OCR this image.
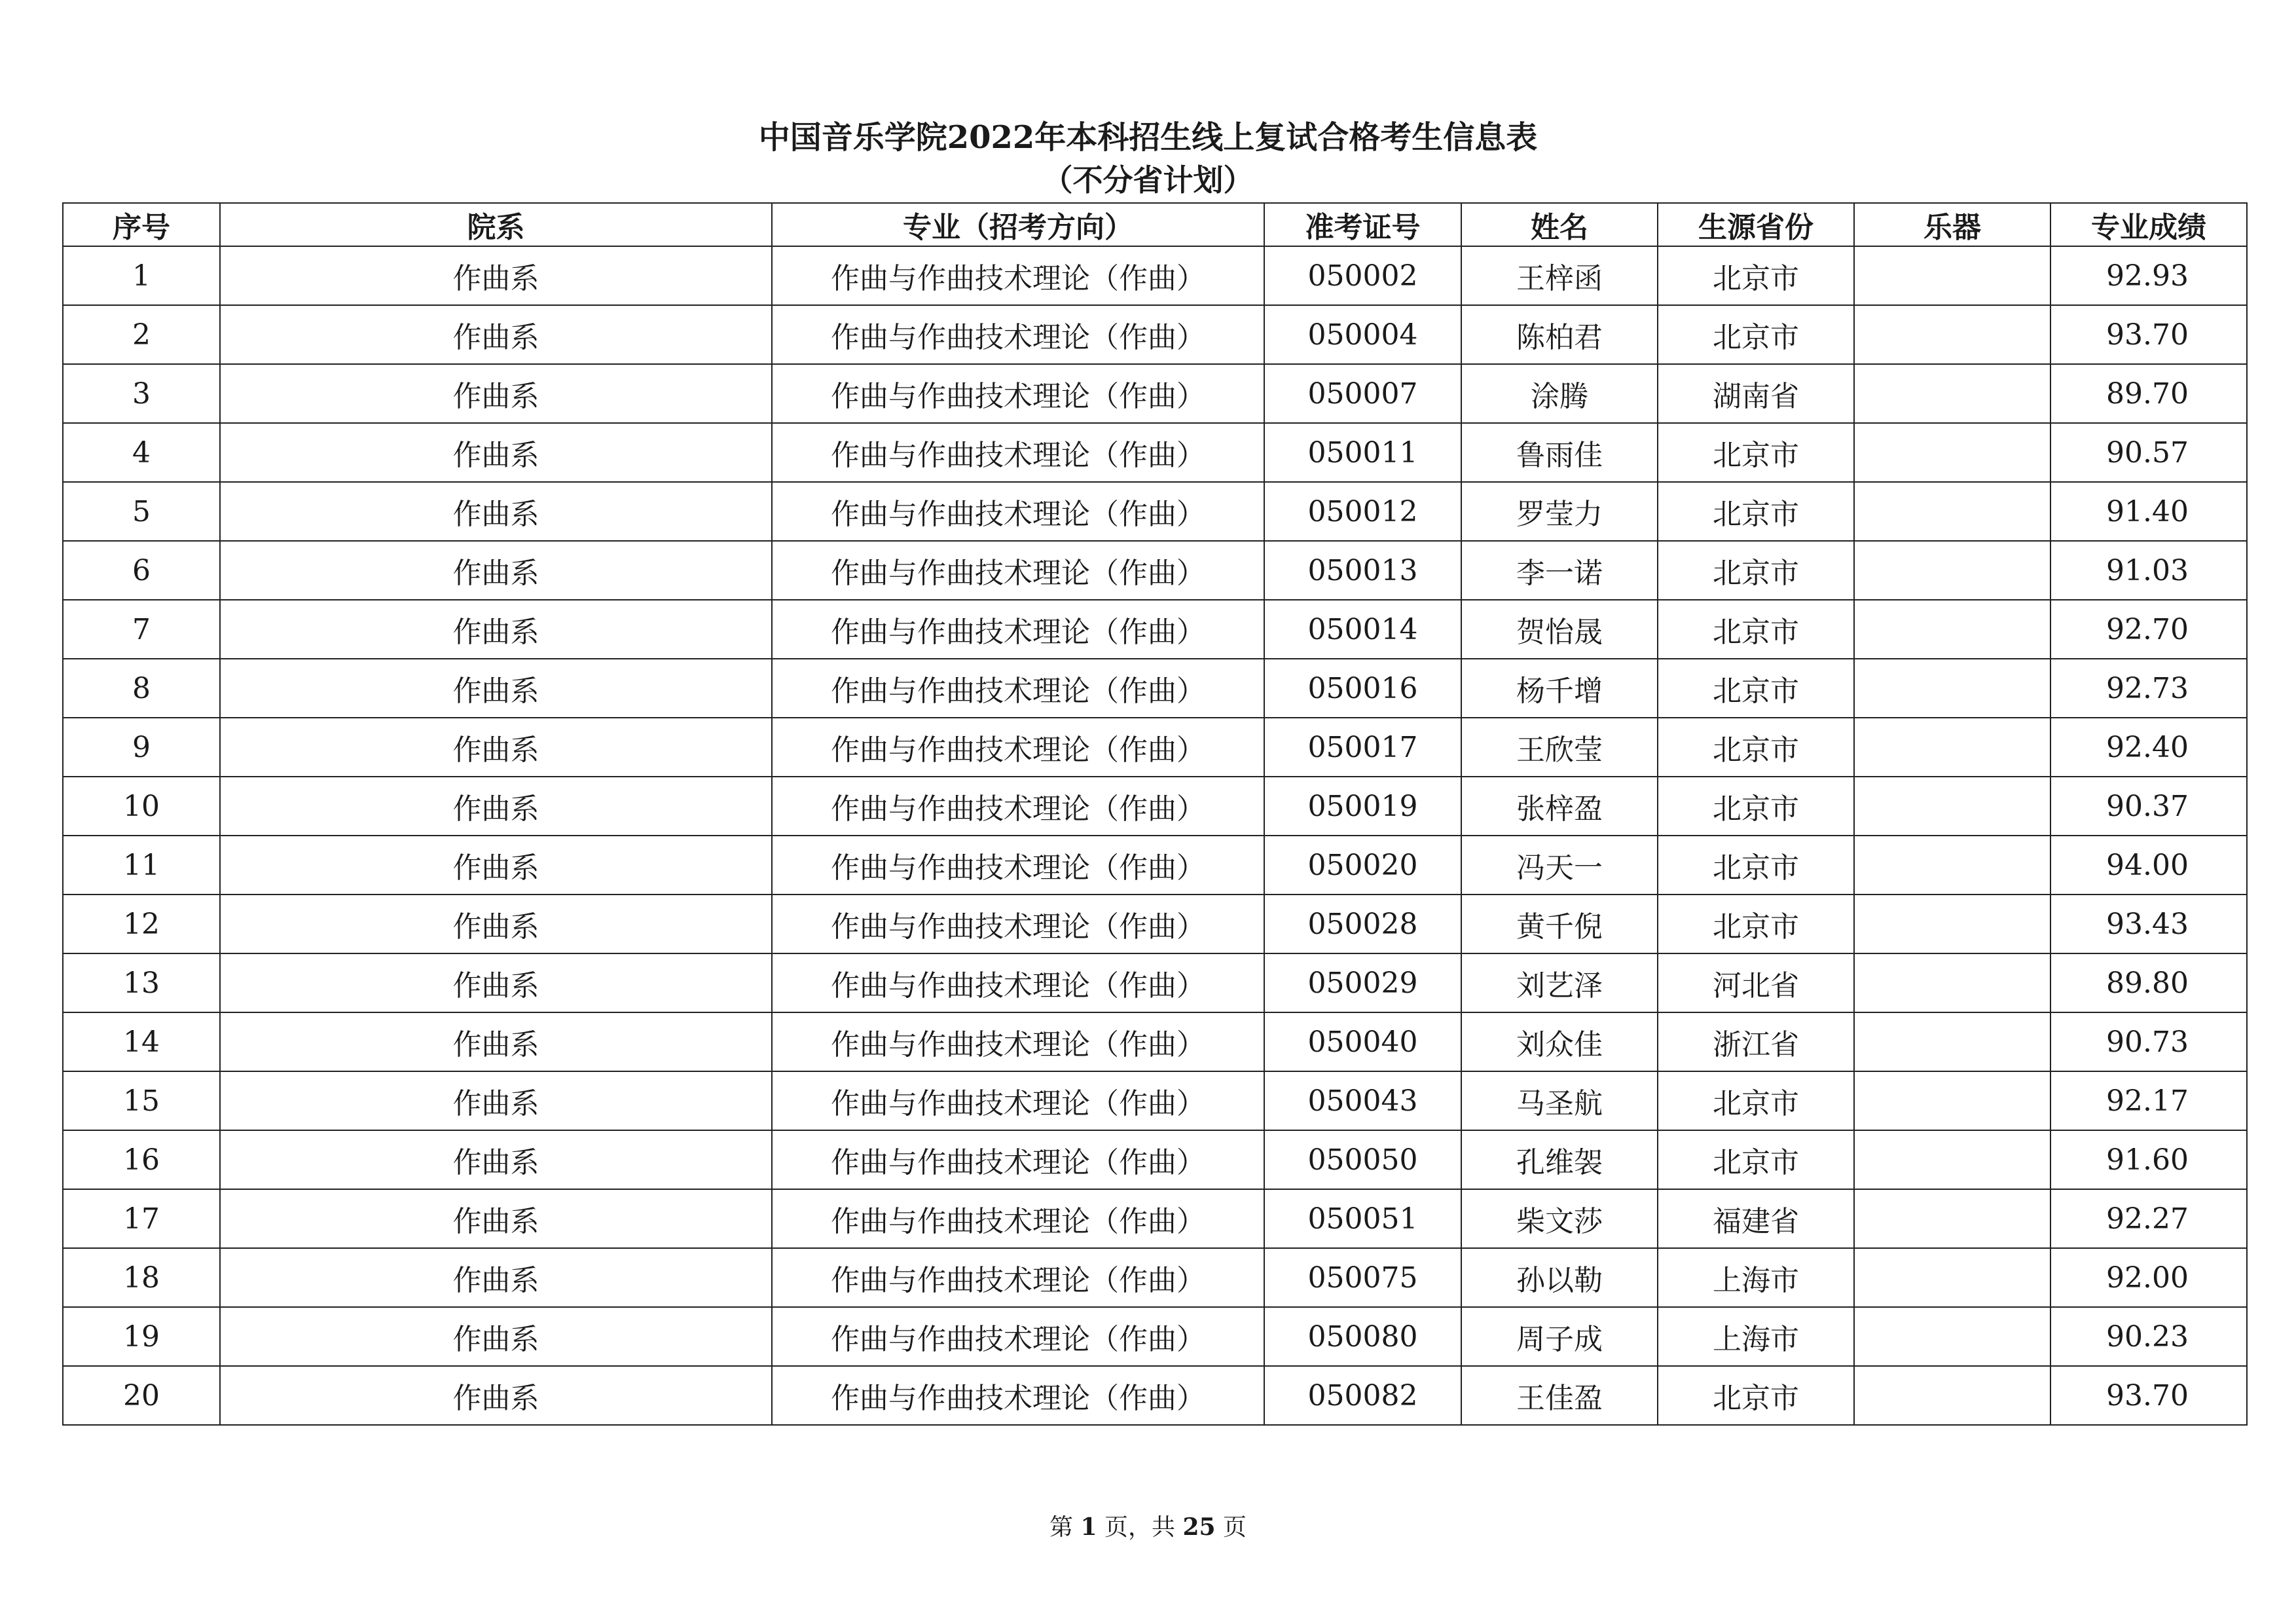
中国音乐学院2022年本科招生线上复试合格考生信息表
（不分省计划）
序号	院系	专业（招考方向）	准考证号	姓名	生源省份	乐器	专业成绩
1	作曲系	作曲与作曲技术理论（作曲）	050002	王梓函	北京市		92.93
2	作曲系	作曲与作曲技术理论（作曲）	050004	陈柏君	北京市		93.70
3	作曲系	作曲与作曲技术理论（作曲）	050007	涂腾	湖南省		89.70
4	作曲系	作曲与作曲技术理论（作曲）	050011	鲁雨佳	北京市		90.57
5	作曲系	作曲与作曲技术理论（作曲）	050012	罗莹力	北京市		91.40
6	作曲系	作曲与作曲技术理论（作曲）	050013	李一诺	北京市		91.03
7	作曲系	作曲与作曲技术理论（作曲）	050014	贺怡晟	北京市		92.70
8	作曲系	作曲与作曲技术理论（作曲）	050016	杨千增	北京市		92.73
9	作曲系	作曲与作曲技术理论（作曲）	050017	王欣莹	北京市		92.40
10	作曲系	作曲与作曲技术理论（作曲）	050019	张梓盈	北京市		90.37
11	作曲系	作曲与作曲技术理论（作曲）	050020	冯天一	北京市		94.00
12	作曲系	作曲与作曲技术理论（作曲）	050028	黄千倪	北京市		93.43
13	作曲系	作曲与作曲技术理论（作曲）	050029	刘艺泽	河北省		89.80
14	作曲系	作曲与作曲技术理论（作曲）	050040	刘众佳	浙江省		90.73
15	作曲系	作曲与作曲技术理论（作曲）	050043	马圣航	北京市		92.17
16	作曲系	作曲与作曲技术理论（作曲）	050050	孔维袈	北京市		91.60
17	作曲系	作曲与作曲技术理论（作曲）	050051	柴文莎	福建省		92.27
18	作曲系	作曲与作曲技术理论（作曲）	050075	孙以勒	上海市		92.00
19	作曲系	作曲与作曲技术理论（作曲）	050080	周子成	上海市		90.23
20	作曲系	作曲与作曲技术理论（作曲）	050082	王佳盈	北京市		93.70
第 1 页，共 25 页
